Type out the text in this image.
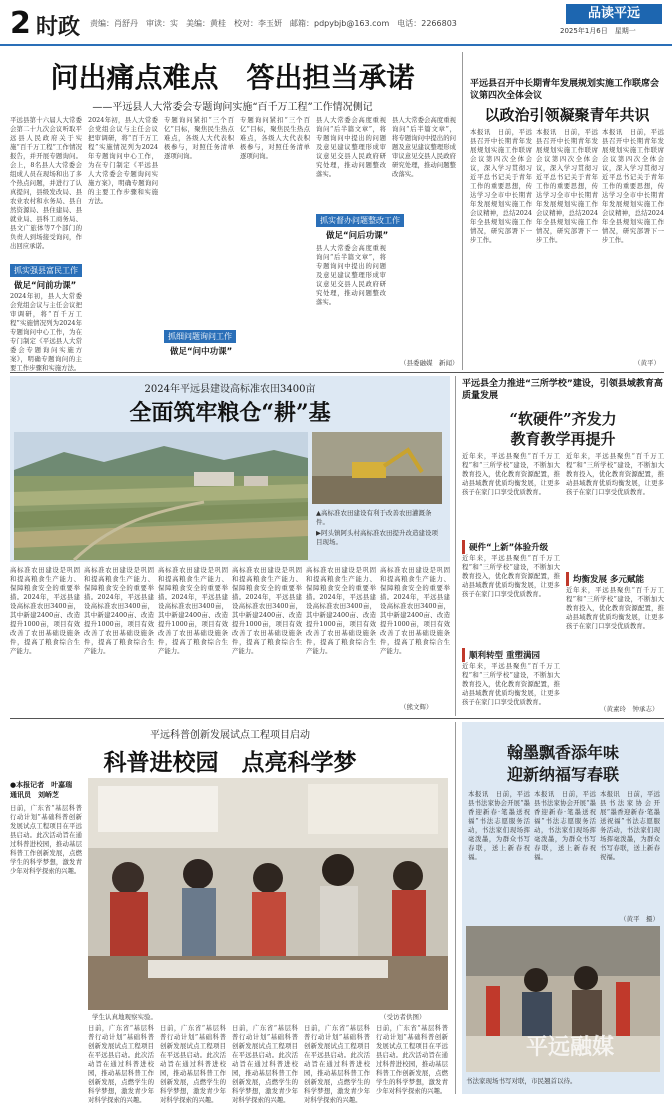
2 时政 责编：肖舒丹　审读：实　美编：黄桂　校对：李玉妍　邮箱：pdpybjb@163.com　电话：2266803
品读平远
2025年1月6日　星期一
问出痛点难点　答出担当承诺
——平远县人大常委会专题询问实施“百千万工程”工作情况侧记
平远县第十六届人大常委会第二十九次会议听取平远县人民政府关于实施“百千万工程”工作情况报告，并开展专题询问。会上，8名县人大常委会组成人员在现场和出了多个热点问题，并进行了认真提问，县级发改局、县农业农村和水务局、县自然资源局、县住建局、县就业局、县科工商务局、县文广旅体等7个部门的负责人到场接受询问，作出回应承诺。
抓实强县富民工作
做足“问前功课”
2024年初，县人大常委会党组会议与主任会议把审调研，将“百千万工程”实施情况列为2024年专题询问中心工作，为在专门制定《平远县人大常委会专题询问实施方案》，明确专题询问的主要工作步骤和实施方法。
2024年初，县人大常委会党组会议与主任会议把审调研，将“百千万工程”实施情况列为2024年专题询问中心工作，为在专门制定《平远县人大常委会专题询问实施方案》，明确专题询问的主要工作步骤和实施方法。
专题询问紧扣“三个百亿”目标，聚焦民生热点难点，各级人大代表积极参与，对照任务清单逐项问询。
抓细问题询问工作
做足“问中功课”
专题询问紧扣“三个百亿”目标，聚焦民生热点难点，各级人大代表积极参与，对照任务清单逐项问询。
县人大常委会高度重视询问“后半篇文章”，将专题询问中提出的问题及意见建议整理形成审议意见交县人民政府研究处理，推动问题整改落实。
抓实督办问题整改工作
做足“问后功课”
县人大常委会高度重视询问“后半篇文章”，将专题询问中提出的问题及意见建议整理形成审议意见交县人民政府研究处理，推动问题整改落实。
县人大常委会高度重视询问“后半篇文章”，将专题询问中提出的问题及意见建议整理形成审议意见交县人民政府研究处理，推动问题整改落实。
（县委融媒　新闻）
平远县召开中长期青年发展规划实施工作联席会议第四次全体会议
以政治引领凝聚青年共识
本报讯　日前，平远县召开中长期青年发展规划实施工作联席会议第四次全体会议，深入学习贯彻习近平总书记关于青年工作的重要思想，传达学习全市中长期青年发展规划实施工作会议精神，总结2024年全县规划实施工作情况，研究部署下一步工作。
本报讯　日前，平远县召开中长期青年发展规划实施工作联席会议第四次全体会议，深入学习贯彻习近平总书记关于青年工作的重要思想，传达学习全市中长期青年发展规划实施工作会议精神，总结2024年全县规划实施工作情况，研究部署下一步工作。
本报讯　日前，平远县召开中长期青年发展规划实施工作联席会议第四次全体会议，深入学习贯彻习近平总书记关于青年工作的重要思想，传达学习全市中长期青年发展规划实施工作会议精神，总结2024年全县规划实施工作情况，研究部署下一步工作。
（黄平）
2024年平远县建设高标准农田3400亩
全面筑牢粮仓“耕”基
▲高标准农田建设有利于改善农田灌溉条件。
▶阿头镇阿头村高标准农田提升改造建设项目现场。
高标准农田建设是巩固和提高粮食生产能力、保障粮食安全的重要举措。2024年，平远县建设高标准农田3400亩，其中新建2400亩、改造提升1000亩，项目有效改善了农田基础设施条件，提高了粮食综合生产能力。
高标准农田建设是巩固和提高粮食生产能力、保障粮食安全的重要举措。2024年，平远县建设高标准农田3400亩，其中新建2400亩、改造提升1000亩，项目有效改善了农田基础设施条件，提高了粮食综合生产能力。
高标准农田建设是巩固和提高粮食生产能力、保障粮食安全的重要举措。2024年，平远县建设高标准农田3400亩，其中新建2400亩、改造提升1000亩，项目有效改善了农田基础设施条件，提高了粮食综合生产能力。
高标准农田建设是巩固和提高粮食生产能力、保障粮食安全的重要举措。2024年，平远县建设高标准农田3400亩，其中新建2400亩、改造提升1000亩，项目有效改善了农田基础设施条件，提高了粮食综合生产能力。
高标准农田建设是巩固和提高粮食生产能力、保障粮食安全的重要举措。2024年，平远县建设高标准农田3400亩，其中新建2400亩、改造提升1000亩，项目有效改善了农田基础设施条件，提高了粮食综合生产能力。
高标准农田建设是巩固和提高粮食生产能力、保障粮食安全的重要举措。2024年，平远县建设高标准农田3400亩，其中新建2400亩、改造提升1000亩，项目有效改善了农田基础设施条件，提高了粮食综合生产能力。
（熊文辉）
平远县全力推进“三所学校”建设，引领县域教育高质量发展
“软硬件”齐发力
教育教学再提升
近年来，平远县聚焦“百千万工程”和“三所学校”建设，不断加大教育投入，优化教育资源配置，推动县域教育优质均衡发展，让更多孩子在家门口享受优质教育。
硬件“上新”体验升级
近年来，平远县聚焦“百千万工程”和“三所学校”建设，不断加大教育投入，优化教育资源配置，推动县域教育优质均衡发展，让更多孩子在家门口享受优质教育。
顺利转型 重塑满园
近年来，平远县聚焦“百千万工程”和“三所学校”建设，不断加大教育投入，优化教育资源配置，推动县域教育优质均衡发展，让更多孩子在家门口享受优质教育。
近年来，平远县聚焦“百千万工程”和“三所学校”建设，不断加大教育投入，优化教育资源配置，推动县域教育优质均衡发展，让更多孩子在家门口享受优质教育。
均衡发展 多元赋能
近年来，平远县聚焦“百千万工程”和“三所学校”建设，不断加大教育投入，优化教育资源配置，推动县域教育优质均衡发展，让更多孩子在家门口享受优质教育。
（黄素玲　钟承志）
平远科普创新发展试点工程项目启动
科普进校园　点亮科学梦
●本报记者　叶嘉瑞　通讯员　刘峤芝
日前，广东省“基层科普行动计划”基础科普创新发展试点工程项目在平远县启动。此次活动旨在通过科普进校园，推动基层科普工作创新发展，点燃学生的科学梦想，激发青少年对科学探索的兴趣。
学生认真地观察实验。	（受访者供图）
日前，广东省“基层科普行动计划”基础科普创新发展试点工程项目在平远县启动。此次活动旨在通过科普进校园，推动基层科普工作创新发展，点燃学生的科学梦想，激发青少年对科学探索的兴趣。
日前，广东省“基层科普行动计划”基础科普创新发展试点工程项目在平远县启动。此次活动旨在通过科普进校园，推动基层科普工作创新发展，点燃学生的科学梦想，激发青少年对科学探索的兴趣。
日前，广东省“基层科普行动计划”基础科普创新发展试点工程项目在平远县启动。此次活动旨在通过科普进校园，推动基层科普工作创新发展，点燃学生的科学梦想，激发青少年对科学探索的兴趣。
日前，广东省“基层科普行动计划”基础科普创新发展试点工程项目在平远县启动。此次活动旨在通过科普进校园，推动基层科普工作创新发展，点燃学生的科学梦想，激发青少年对科学探索的兴趣。
日前，广东省“基层科普行动计划”基础科普创新发展试点工程项目在平远县启动。此次活动旨在通过科普进校园，推动基层科普工作创新发展，点燃学生的科学梦想，激发青少年对科学探索的兴趣。
翰墨飘香添年味
迎新纳福写春联
本报讯　日前，平远县书法家协会开展“墨香迎新春·笔墨送祝福”书法志愿服务活动，书法家们现场挥毫泼墨，为群众书写春联，送上新春祝福。
本报讯　日前，平远县书法家协会开展“墨香迎新春·笔墨送祝福”书法志愿服务活动，书法家们现场挥毫泼墨，为群众书写春联，送上新春祝福。
本报讯　日前，平远县书法家协会开展“墨香迎新春·笔墨送祝福”书法志愿服务活动，书法家们现场挥毫泼墨，为群众书写春联，送上新春祝福。
（黄平　摄）
平远融媒
书法家现场书写对联，市民翘首以待。
